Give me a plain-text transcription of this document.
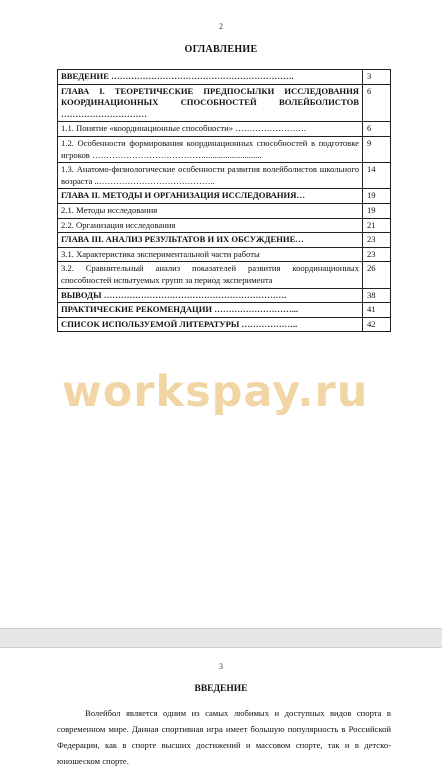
2
ОГЛАВЛЕНИЕ
ВВЕДЕНИЕ ……………………………………………………….	3
ГЛАВА I. ТЕОРЕТИЧЕСКИЕ ПРЕДПОСЫЛКИ ИССЛЕДОВАНИЯ КООРДИНАЦИОННЫХ СПОСОБНОСТЕЙ ВОЛЕЙБОЛИСТОВ …………………………	6
1.1. Понятие «координационные способности» …………………….	6
1.2. Особенности формирования координационных способностей в подготовке игроков …………………………………...........................	9
1.3. Анатомо-физиологические особенности развития волейболистов школьного возраста ..…………………………………..	14
ГЛАВА II. МЕТОДЫ И ОРГАНИЗАЦИЯ ИССЛЕДОВАНИЯ…	19
2.1. Методы исследования	19
2.2. Организация исследования	21
ГЛАВА III. АНАЛИЗ РЕЗУЛЬТАТОВ И ИХ ОБСУЖДЕНИЕ…	23
3.1. Характеристика экспериментальной части работы	23
3.2. Сравнительный анализ показателей развития координационных способностей испытуемых групп за период эксперимента	26
ВЫВОДЫ ……………………………………………………….	38
ПРАКТИЧЕСКИЕ РЕКОМЕНДАЦИИ ………………………...	41
СПИСОК ИСПОЛЬЗУЕМОЙ ЛИТЕРАТУРЫ ………………..	42
workspay.ru
3
ВВЕДЕНИЕ
Волейбол является одним из самых любимых и доступных видов спорта в современном мире. Данная спортивная игра имеет большую популярность в Российской Федерации, как в спорте высших достижений и массовом спорте, так и в детско-юношеском спорте.
